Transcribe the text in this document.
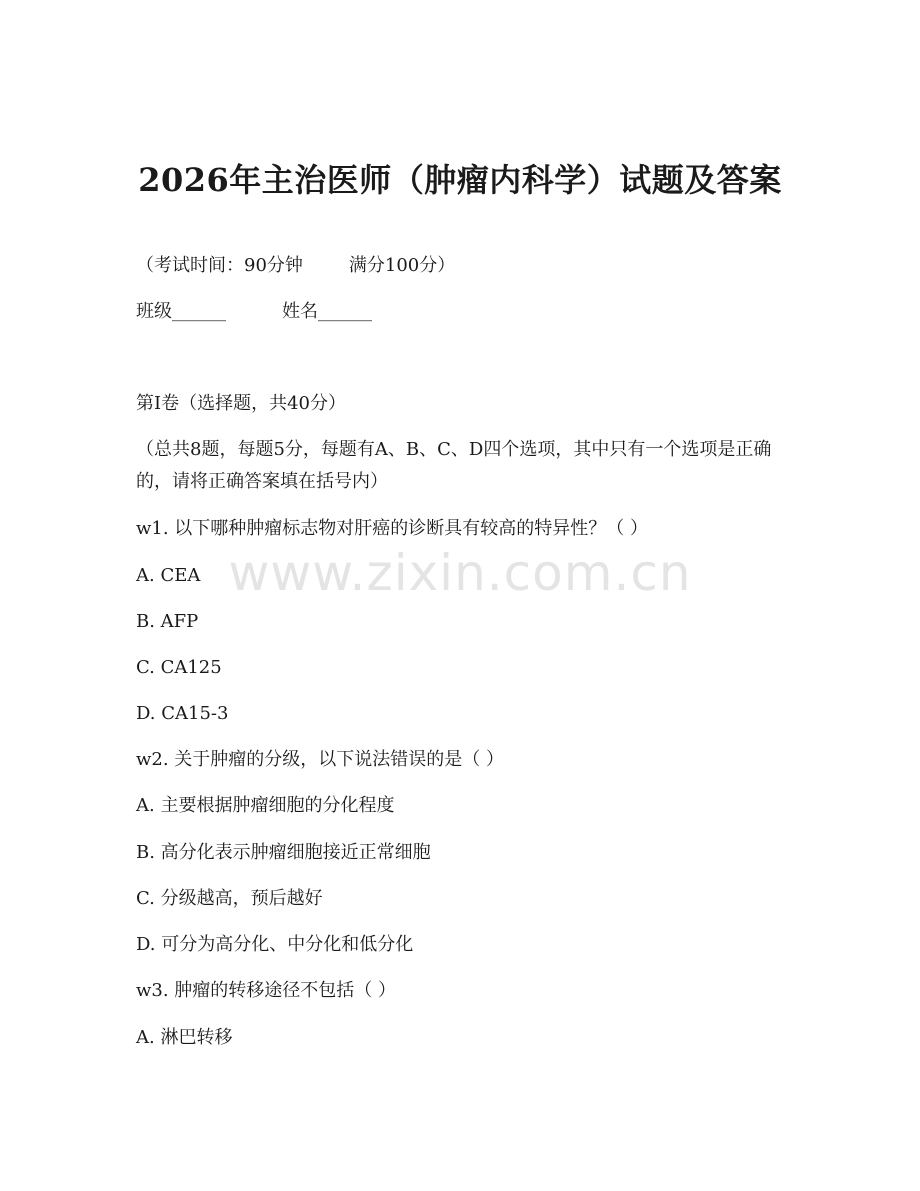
2026年主治医师（肿瘤内科学）试题及答案
（考试时间：90分钟	满分100分）
班级______	姓名______
第I卷（选择题，共40分）
（总共8题，每题5分，每题有A、B、C、D四个选项，其中只有一个选项是正确的，请将正确答案填在括号内）
w1. 以下哪种肿瘤标志物对肝癌的诊断具有较高的特异性？（ ）
A. CEA
B. AFP
C. CA125
D. CA15-3
w2. 关于肿瘤的分级，以下说法错误的是（ ）
A. 主要根据肿瘤细胞的分化程度
B. 高分化表示肿瘤细胞接近正常细胞
C. 分级越高，预后越好
D. 可分为高分化、中分化和低分化
w3. 肿瘤的转移途径不包括（ ）
A. 淋巴转移
www.zixin.com.cn
